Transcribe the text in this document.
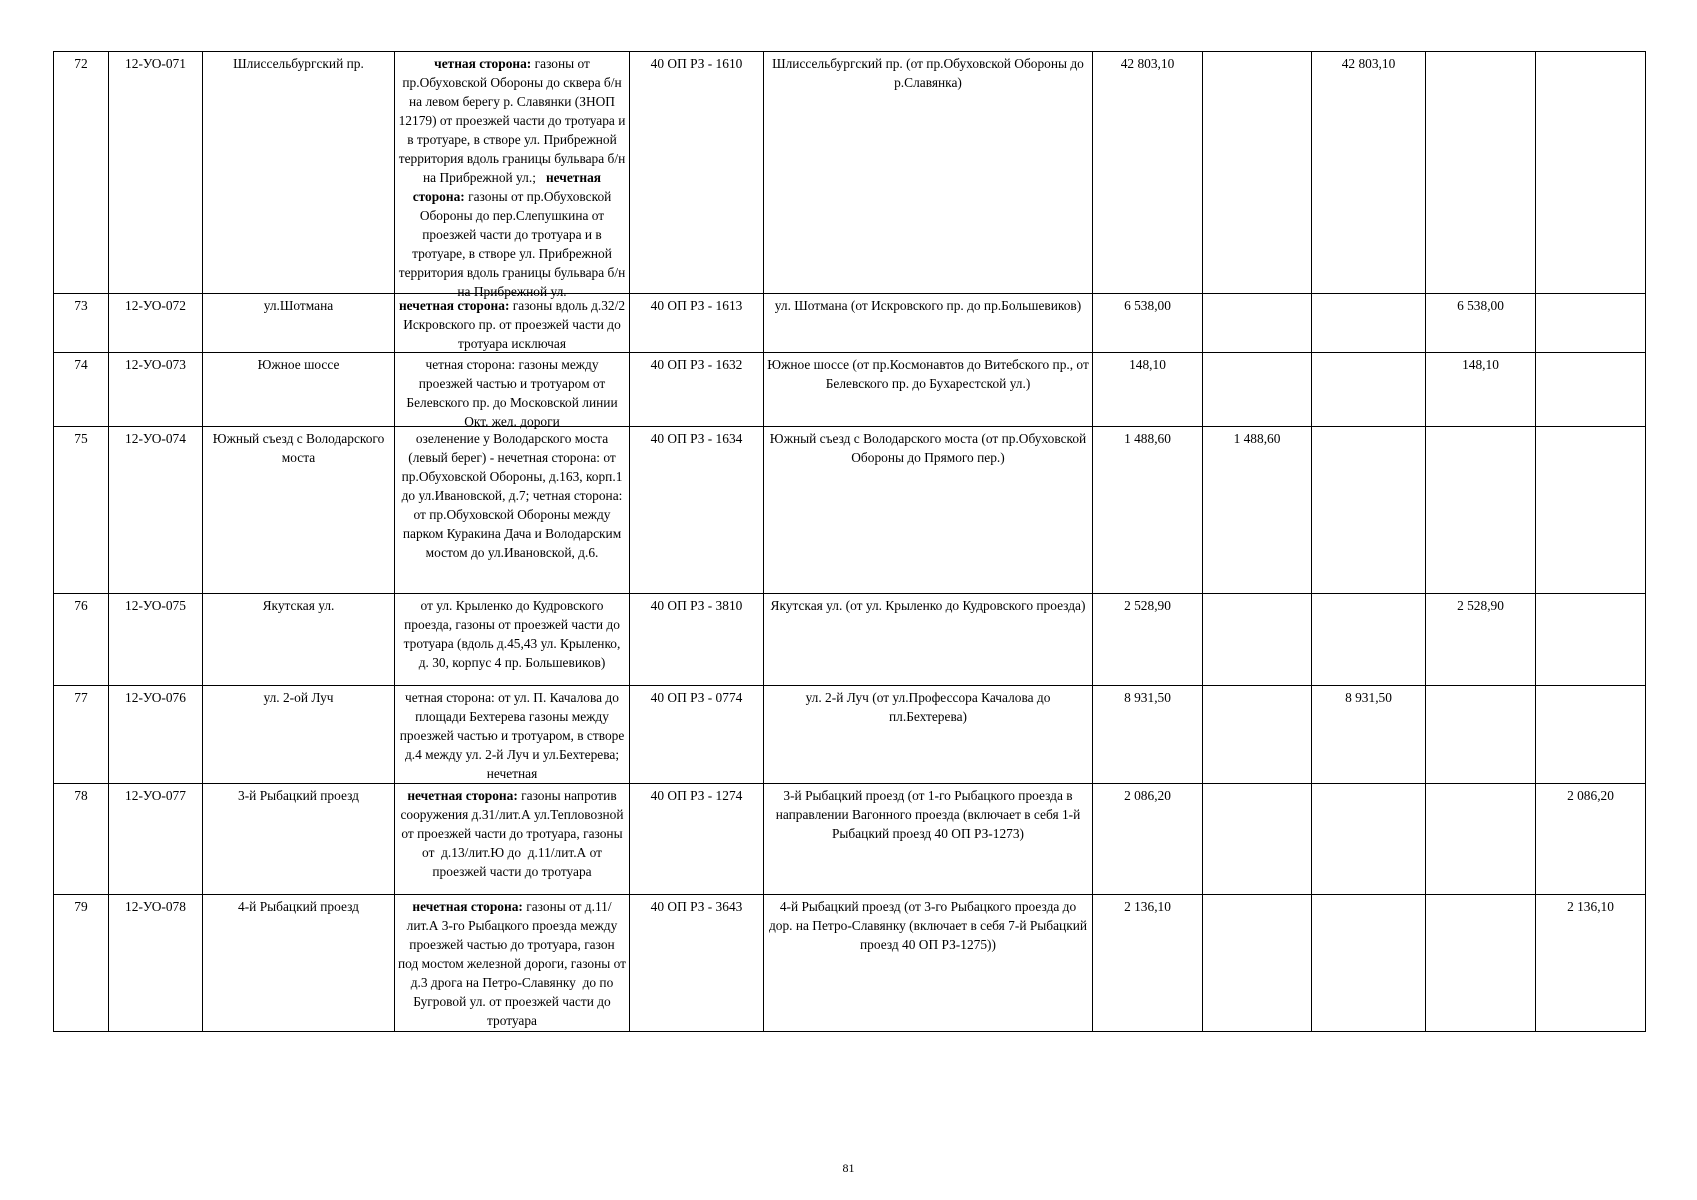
72	12-УО-071	Шлиссельбургский пр.	четная сторона: газоны от пр.Обуховской Обороны до сквера б/н на левом берегу р. Славянки (ЗНОП 12179) от проезжей части до тротуара и в тротуаре, в створе ул. Прибрежной территория вдоль границы бульвара б/н на Прибрежной ул.;   нечетная сторона: газоны от пр.Обуховской Обороны до пер.Слепушкина от проезжей части до тротуара и в тротуаре, в створе ул. Прибрежной территория вдоль границы бульвара б/н на Прибрежной ул.	40 ОП РЗ - 1610	Шлиссельбургский пр. (от пр.Обуховской Обороны до р.Славянка)	42 803,10		42 803,10		

73	12-УО-072	ул.Шотмана	нечетная сторона: газоны вдоль д.32/2 Искровского пр. от проезжей части до тротуара исключая	40 ОП РЗ - 1613	ул. Шотмана (от Искровского пр. до пр.Большевиков)	6 538,00			6 538,00	

74	12-УО-073	Южное шоссе	четная сторона: газоны между проезжей частью и тротуаром от Белевского пр. до Московской линии Окт. жел. дороги	40 ОП РЗ - 1632	Южное шоссе (от пр.Космонавтов до Витебского пр., от Белевского пр. до Бухарестской ул.)	148,10			148,10	

75	12-УО-074	Южный съезд с Володарского моста	озеленение у Володарского моста (левый берег) - нечетная сторона: от пр.Обуховской Обороны, д.163, корп.1 до ул.Ивановской, д.7; четная сторона: от пр.Обуховской Обороны между парком Куракина Дача и Володарским мостом до ул.Ивановской, д.6.	40 ОП РЗ - 1634	Южный съезд с Володарского моста (от пр.Обуховской Обороны до Прямого пер.)	1 488,60	1 488,60			

76	12-УО-075	Якутская ул.	от ул. Крыленко до Кудровского проезда, газоны от проезжей части до тротуара (вдоль д.45,43 ул. Крыленко, д. 30, корпус 4 пр. Большевиков)	40 ОП РЗ - 3810	Якутская ул. (от ул. Крыленко до Кудровского проезда)	2 528,90			2 528,90	

77	12-УО-076	ул. 2-ой Луч	четная сторона: от ул. П. Качалова до площади Бехтерева газоны между проезжей частью и тротуаром, в створе д.4 между ул. 2-й Луч и ул.Бехтерева; нечетная	40 ОП РЗ - 0774	ул. 2-й Луч (от ул.Профессора Качалова до пл.Бехтерева)	8 931,50		8 931,50		

78	12-УО-077	3-й Рыбацкий проезд	нечетная сторона: газоны напротив сооружения д.31/лит.А ул.Тепловозной от проезжей части до тротуара, газоны от  д.13/лит.Ю до  д.11/лит.А от проезжей части до тротуара	40 ОП РЗ - 1274	3-й Рыбацкий проезд (от 1-го Рыбацкого проезда в направлении Вагонного проезда (включает в себя 1-й Рыбацкий проезд 40 ОП РЗ-1273)	2 086,20				2 086,20

79	12-УО-078	4-й Рыбацкий проезд	нечетная сторона: газоны от д.11/лит.А 3-го Рыбацкого проезда между   проезжей частью до тротуара, газон под мостом железной дороги, газоны от д.3 дрога на Петро-Славянку  до по Бугровой ул. от проезжей части до тротуара	40 ОП РЗ - 3643	4-й Рыбацкий проезд (от 3-го Рыбацкого проезда до дор. на Петро-Славянку (включает в себя 7-й Рыбацкий проезд 40 ОП РЗ-1275))	2 136,10				2 136,10
81
